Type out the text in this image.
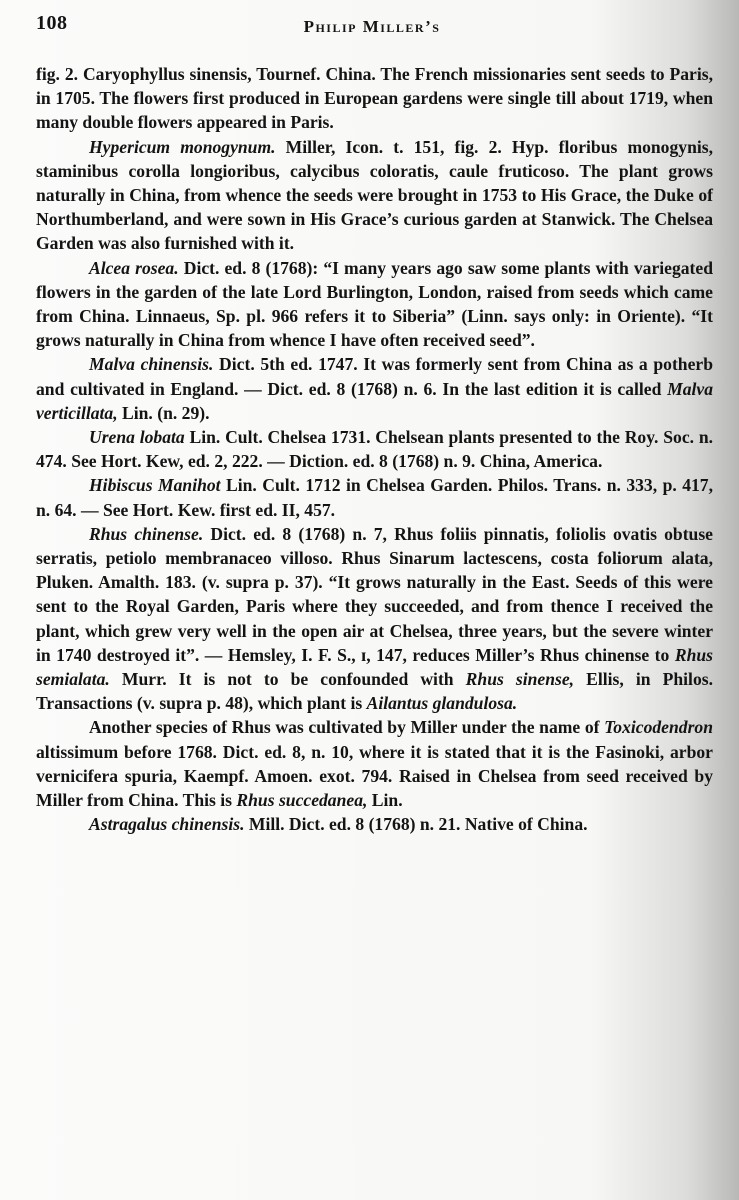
108	Philip Miller’s

fig. 2. Caryophyllus sinensis, Tournef. China. The French missionaries sent seeds to Paris, in 1705. The flowers first produced in European gardens were single till about 1719, when many double flowers appeared in Paris.

Hypericum monogynum. Miller, Icon. t. 151, fig. 2. Hyp. floribus monogynis, staminibus corolla longioribus, calycibus coloratis, caule fruticoso. The plant grows naturally in China, from whence the seeds were brought in 1753 to His Grace, the Duke of Northumberland, and were sown in His Grace’s curious garden at Stanwick. The Chelsea Garden was also furnished with it.

Alcea rosea. Dict. ed. 8 (1768): “I many years ago saw some plants with variegated flowers in the garden of the late Lord Burlington, London, raised from seeds which came from China. Linnaeus, Sp. pl. 966 refers it to Siberia” (Linn. says only: in Oriente). “It grows naturally in China from whence I have often received seed”.

Malva chinensis. Dict. 5th ed. 1747. It was formerly sent from China as a potherb and cultivated in England. — Dict. ed. 8 (1768) n. 6. In the last edition it is called Malva verticillata, Lin. (n. 29).

Urena lobata Lin. Cult. Chelsea 1731. Chelsean plants presented to the Roy. Soc. n. 474. See Hort. Kew, ed. 2, 222. — Diction. ed. 8 (1768) n. 9. China, America.

Hibiscus Manihot Lin. Cult. 1712 in Chelsea Garden. Philos. Trans. n. 333, p. 417, n. 64. — See Hort. Kew. first ed. II, 457.

Rhus chinense. Dict. ed. 8 (1768) n. 7, Rhus foliis pinnatis, foliolis ovatis obtuse serratis, petiolo membranaceo villoso. Rhus Sinarum lactescens, costa foliorum alata, Pluken. Amalth. 183. (v. supra p. 37). “It grows naturally in the East. Seeds of this were sent to the Royal Garden, Paris where they succeeded, and from thence I received the plant, which grew very well in the open air at Chelsea, three years, but the severe winter in 1740 destroyed it”. — Hemsley, I. F. S., ɪ, 147, reduces Miller’s Rhus chinense to Rhus semialata. Murr. It is not to be confounded with Rhus sinense, Ellis, in Philos. Transactions (v. supra p. 48), which plant is Ailantus glandulosa.

Another species of Rhus was cultivated by Miller under the name of Toxicodendron altissimum before 1768. Dict. ed. 8, n. 10, where it is stated that it is the Fasinoki, arbor vernicifera spuria, Kaempf. Amoen. exot. 794. Raised in Chelsea from seed received by Miller from China. This is Rhus succedanea, Lin.

Astragalus chinensis. Mill. Dict. ed. 8 (1768) n. 21. Native of China.
